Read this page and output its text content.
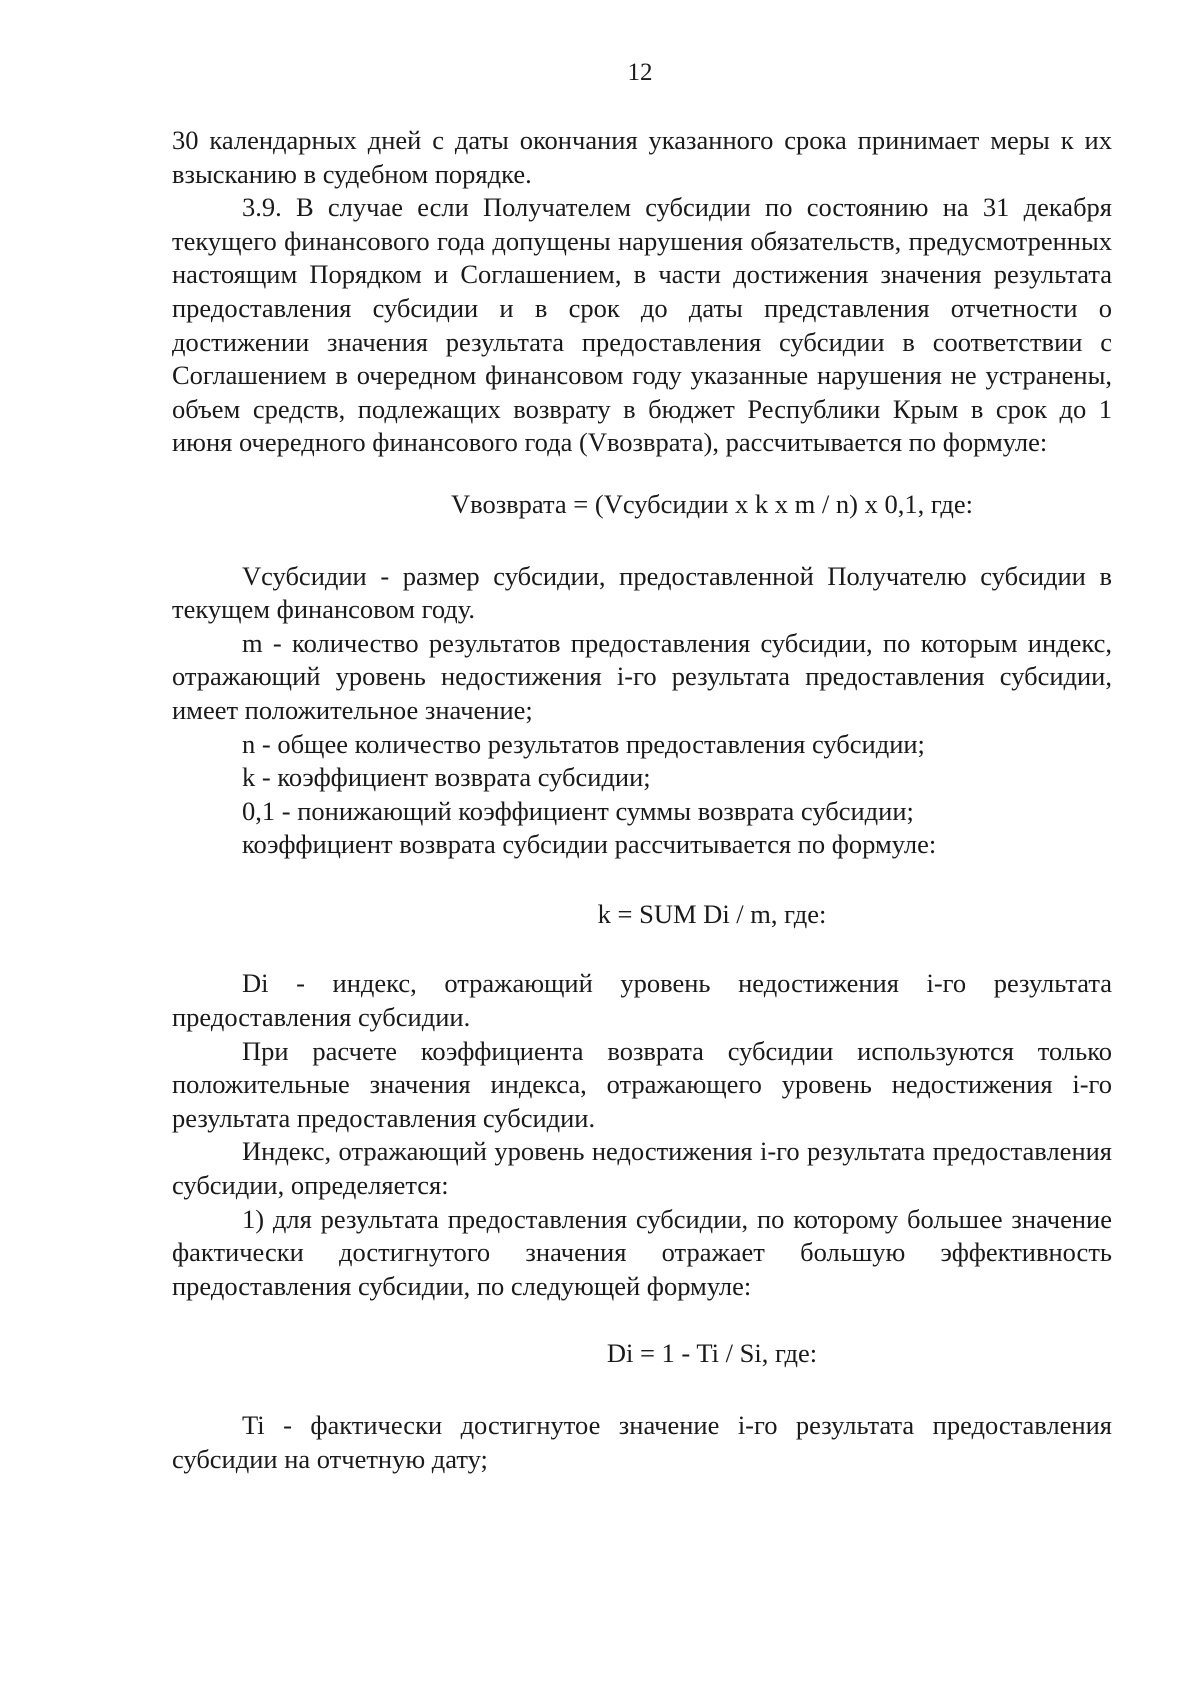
12

30 календарных дней с даты окончания указанного срока принимает меры к их взысканию в судебном порядке.

3.9. В случае если Получателем субсидии по состоянию на 31 декабря текущего финансового года допущены нарушения обязательств, предусмотренных настоящим Порядком и Соглашением, в части достижения значения результата предоставления субсидии и в срок до даты представления отчетности о достижении значения результата предоставления субсидии в соответствии с Соглашением в очередном финансовом году указанные нарушения не устранены, объем средств, подлежащих возврату в бюджет Республики Крым в срок до 1 июня очередного финансового года (Vвозврата), рассчитывается по формуле:

Vвозврата = (Vсубсидии x k x m / n) x 0,1, где:

Vсубсидии - размер субсидии, предоставленной Получателю субсидии в текущем финансовом году.

m - количество результатов предоставления субсидии, по которым индекс, отражающий уровень недостижения i-го результата предоставления субсидии, имеет положительное значение;

n - общее количество результатов предоставления субсидии;

k - коэффициент возврата субсидии;

0,1 - понижающий коэффициент суммы возврата субсидии;

коэффициент возврата субсидии рассчитывается по формуле:

k = SUM Di / m, где:

Di - индекс, отражающий уровень недостижения i-го результата предоставления субсидии.

При расчете коэффициента возврата субсидии используются только положительные значения индекса, отражающего уровень недостижения i-го результата предоставления субсидии.

Индекс, отражающий уровень недостижения i-го результата предоставления субсидии, определяется:

1) для результата предоставления субсидии, по которому большее значение фактически достигнутого значения отражает большую эффективность предоставления субсидии, по следующей формуле:

Di = 1 - Ti / Si, где:

Ti - фактически достигнутое значение i-го результата предоставления субсидии на отчетную дату;
